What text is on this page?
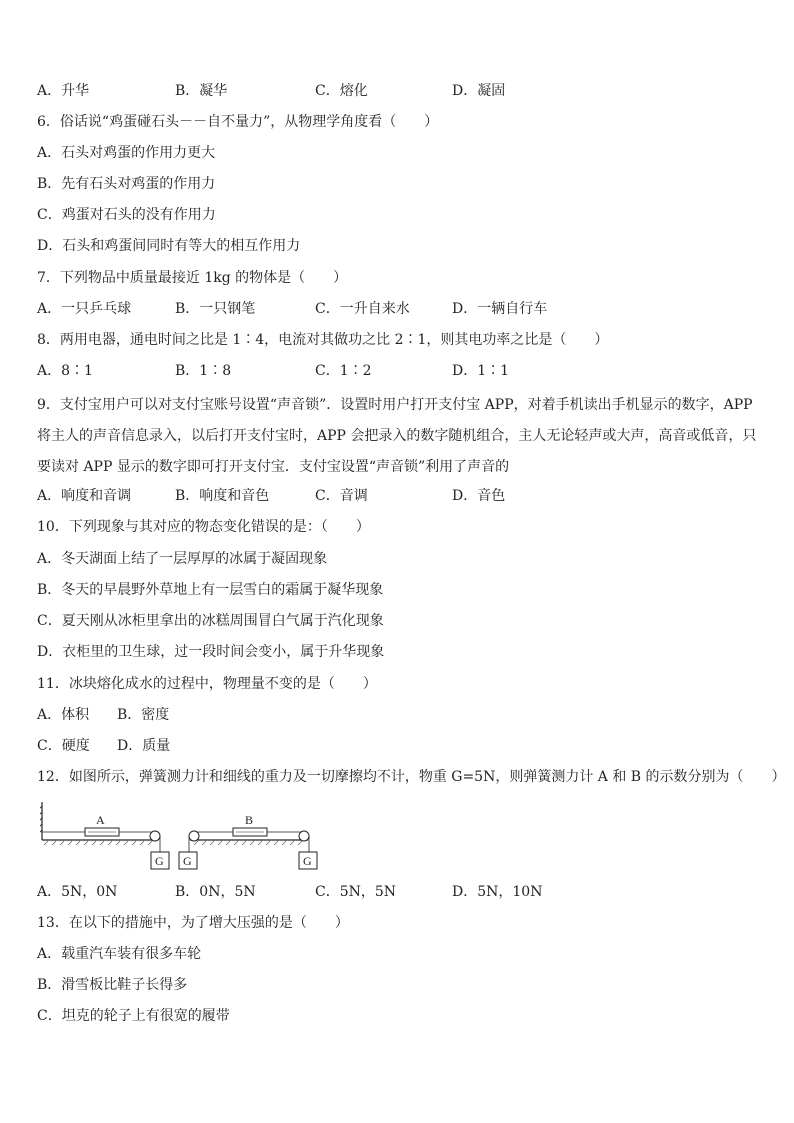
A．升华	B．凝华	C．熔化	D．凝固
6．俗话说“鸡蛋碰石头－－自不量力”，从物理学角度看（　　）
A．石头对鸡蛋的作用力更大
B．先有石头对鸡蛋的作用力
C．鸡蛋对石头的没有作用力
D．石头和鸡蛋间同时有等大的相互作用力
7．下列物品中质量最接近 1kg 的物体是（　　）
A．一只乒乓球	B．一只钢笔	C．一升自来水	D．一辆自行车
8．两用电器，通电时间之比是 1∶4，电流对其做功之比 2∶1，则其电功率之比是（　　）
A．8∶1	B．1∶8	C．1∶2	D．1∶1
9．支付宝用户可以对支付宝账号设置“声音锁”．设置时用户打开支付宝 APP，对着手机读出手机显示的数字，APP 将主人的声音信息录入，以后打开支付宝时，APP 会把录入的数字随机组合，主人无论轻声或大声，高音或低音，只要读对 APP 显示的数字即可打开支付宝．支付宝设置“声音锁”利用了声音的
A．响度和音调	B．响度和音色	C．音调	D．音色
10．下列现象与其对应的物态变化错误的是：（　　）
A．冬天湖面上结了一层厚厚的冰属于凝固现象
B．冬天的早晨野外草地上有一层雪白的霜属于凝华现象
C．夏天刚从冰柜里拿出的冰糕周围冒白气属于汽化现象
D．衣柜里的卫生球，过一段时间会变小，属于升华现象
11．冰块熔化成水的过程中，物理量不变的是（　　）
A．体积 B．密度
C．硬度 D．质量
12．如图所示，弹簧测力计和细线的重力及一切摩擦均不计，物重 G=5N，则弹簧测力计 A 和 B 的示数分别为（　　）
A
G
B
G	G
A．5N，0N	B．0N，5N	C．5N，5N	D．5N，10N
13．在以下的措施中，为了增大压强的是（　　）
A．载重汽车装有很多车轮
B．滑雪板比鞋子长得多
C．坦克的轮子上有很宽的履带
